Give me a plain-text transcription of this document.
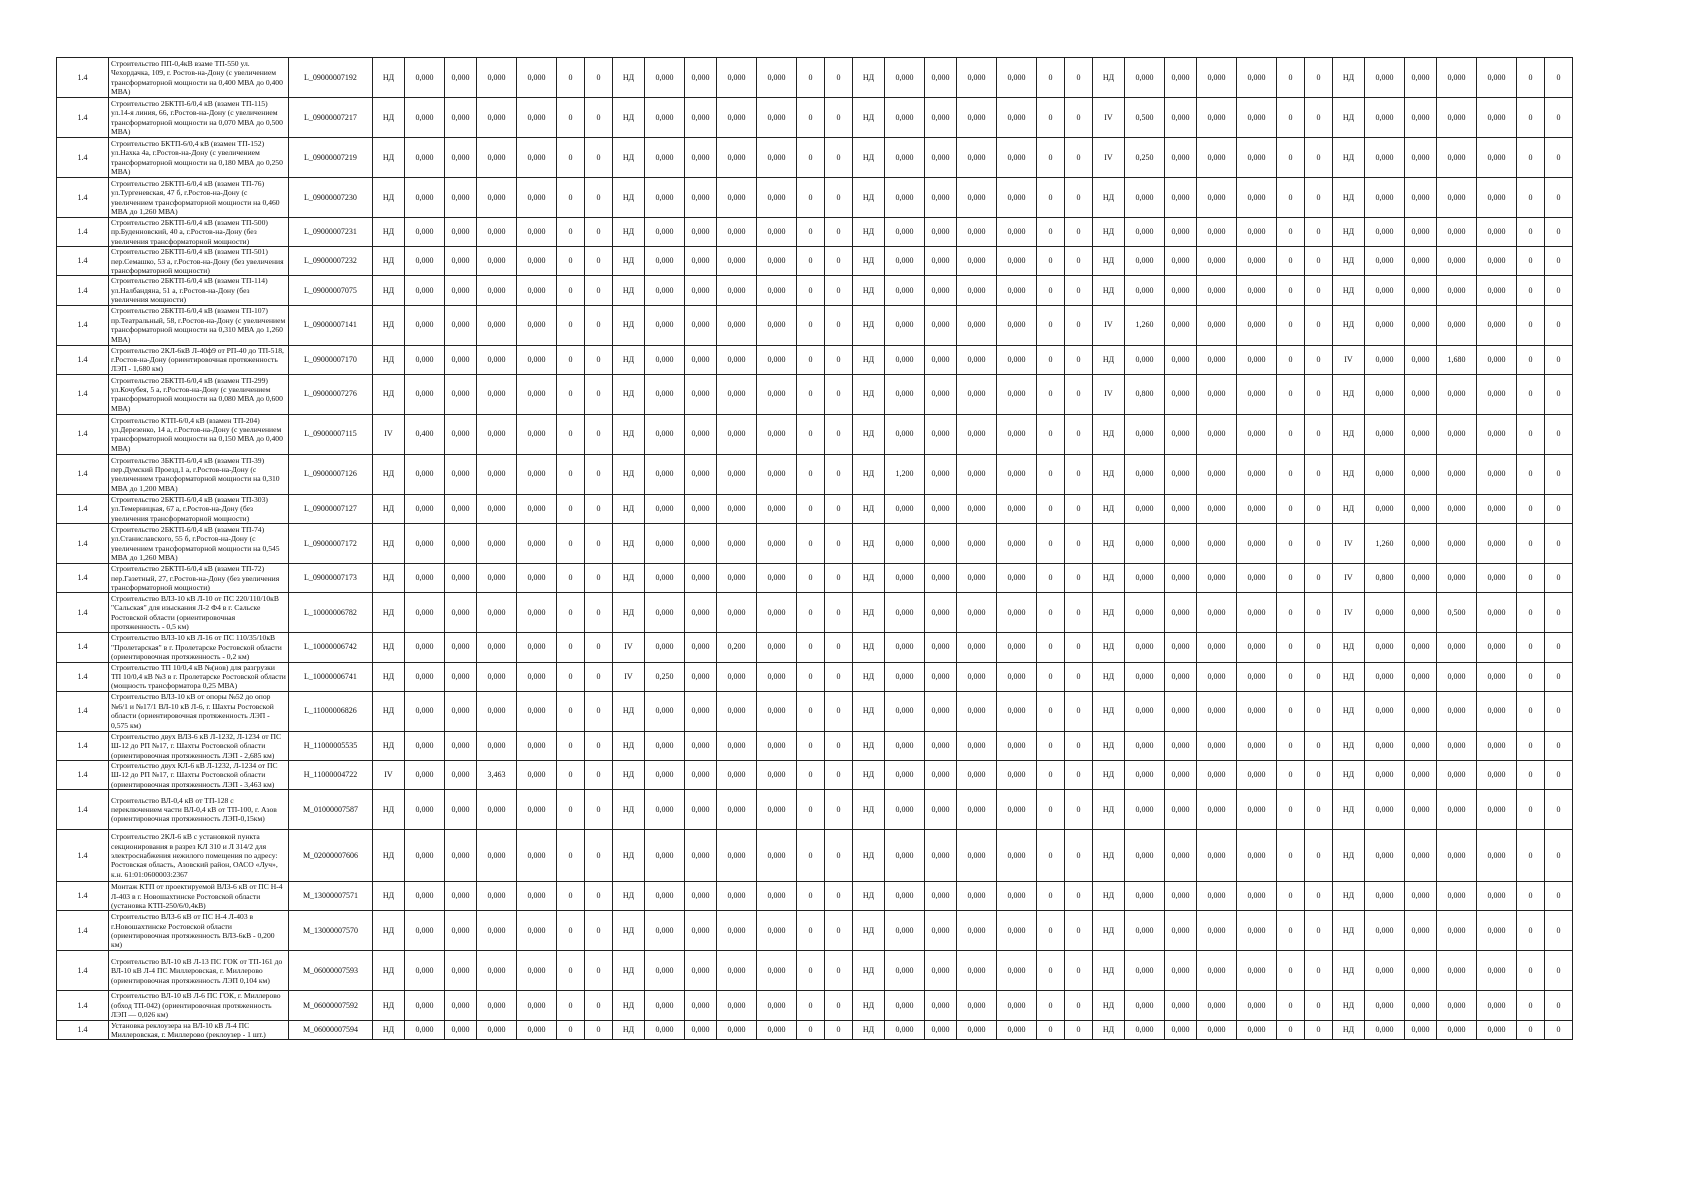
1.4	Строительство ПП-0,4кВ взаме ТП-550 ул. Чехордачка, 109, г. Ростов-на-Дону (с увеличением трансформаторной мощности на 0,400 МВА до 0,400 МВА)	L_09000007192	НД	0,000	0,000	0,000	0,000	0	0	НД	0,000	0,000	0,000	0,000	0	0	НД	0,000	0,000	0,000	0,000	0	0	НД	0,000	0,000	0,000	0,000	0	0	НД	0,000	0,000	0,000	0,000	0	0
1.4	Строительство 2БКТП-6/0,4 кВ (взамен ТП-115) ул.14-я линия, 66, г.Ростов-на-Дону (с увеличением трансформаторной мощности на 0,070 МВА до 0,500 МВА)	L_09000007217	НД	0,000	0,000	0,000	0,000	0	0	НД	0,000	0,000	0,000	0,000	0	0	НД	0,000	0,000	0,000	0,000	0	0	IV	0,500	0,000	0,000	0,000	0	0	НД	0,000	0,000	0,000	0,000	0	0
1.4	Строительство БКТП-6/0,4 кВ (взамен ТП-152) ул.Нахка 4а, г.Ростов-на-Дону (с увеличением трансформаторной мощности на 0,180 МВА до 0,250 МВА)	L_09000007219	НД	0,000	0,000	0,000	0,000	0	0	НД	0,000	0,000	0,000	0,000	0	0	НД	0,000	0,000	0,000	0,000	0	0	IV	0,250	0,000	0,000	0,000	0	0	НД	0,000	0,000	0,000	0,000	0	0
1.4	Строительство 2БКТП-6/0,4 кВ (взамен ТП-76) ул.Тургеневская, 47 б, г.Ростов-на-Дону (с увеличением трансформаторной мощности на 0,460 МВА до 1,260 МВА)	L_09000007230	НД	0,000	0,000	0,000	0,000	0	0	НД	0,000	0,000	0,000	0,000	0	0	НД	0,000	0,000	0,000	0,000	0	0	НД	0,000	0,000	0,000	0,000	0	0	НД	0,000	0,000	0,000	0,000	0	0
1.4	Строительство 2БКТП-6/0,4 кВ (взамен ТП-500) пр.Буденновский, 40 а, г.Ростов-на-Дону (без увеличения трансформаторной мощности)	L_09000007231	НД	0,000	0,000	0,000	0,000	0	0	НД	0,000	0,000	0,000	0,000	0	0	НД	0,000	0,000	0,000	0,000	0	0	НД	0,000	0,000	0,000	0,000	0	0	НД	0,000	0,000	0,000	0,000	0	0
1.4	Строительство 2БКТП-6/0,4 кВ (взамен ТП-501) пер.Семашко, 53 а, г.Ростов-на-Дону (без увеличения трансформаторной мощности)	L_09000007232	НД	0,000	0,000	0,000	0,000	0	0	НД	0,000	0,000	0,000	0,000	0	0	НД	0,000	0,000	0,000	0,000	0	0	НД	0,000	0,000	0,000	0,000	0	0	НД	0,000	0,000	0,000	0,000	0	0
1.4	Строительство 2БКТП-6/0,4 кВ (взамен ТП-114) ул.Налбандяна, 51 а, г.Ростов-на-Дону (без увеличения мощности)	L_09000007075	НД	0,000	0,000	0,000	0,000	0	0	НД	0,000	0,000	0,000	0,000	0	0	НД	0,000	0,000	0,000	0,000	0	0	НД	0,000	0,000	0,000	0,000	0	0	НД	0,000	0,000	0,000	0,000	0	0
1.4	Строительство 2БКТП-6/0,4 кВ (взамен ТП-107) пр.Театральный, 58, г.Ростов-на-Дону (с увеличением трансформаторной мощности на 0,310 МВА до 1,260 МВА)	L_09000007141	НД	0,000	0,000	0,000	0,000	0	0	НД	0,000	0,000	0,000	0,000	0	0	НД	0,000	0,000	0,000	0,000	0	0	IV	1,260	0,000	0,000	0,000	0	0	НД	0,000	0,000	0,000	0,000	0	0
1.4	Строительство 2КЛ-6кВ Л-40ф9 от РП-40 до ТП-518, г.Ростов-на-Дону (ориентировочная протяженность ЛЭП - 1,680 км)	L_09000007170	НД	0,000	0,000	0,000	0,000	0	0	НД	0,000	0,000	0,000	0,000	0	0	НД	0,000	0,000	0,000	0,000	0	0	НД	0,000	0,000	0,000	0,000	0	0	IV	0,000	0,000	1,680	0,000	0	0
1.4	Строительство 2БКТП-6/0,4 кВ (взамен ТП-299) ул.Кочубея, 5 а, г.Ростов-на-Дону (с увеличением трансформаторной мощности на 0,080 МВА до 0,600 МВА)	L_09000007276	НД	0,000	0,000	0,000	0,000	0	0	НД	0,000	0,000	0,000	0,000	0	0	НД	0,000	0,000	0,000	0,000	0	0	IV	0,800	0,000	0,000	0,000	0	0	НД	0,000	0,000	0,000	0,000	0	0
1.4	Строительство КТП-6/0,4 кВ (взамен ТП-204) ул.Дерезенко, 14 а, г.Ростов-на-Дону (с увеличением трансформаторной мощности на 0,150 МВА до 0,400 МВА)	L_09000007115	IV	0,400	0,000	0,000	0,000	0	0	НД	0,000	0,000	0,000	0,000	0	0	НД	0,000	0,000	0,000	0,000	0	0	НД	0,000	0,000	0,000	0,000	0	0	НД	0,000	0,000	0,000	0,000	0	0
1.4	Строительство 3БКТП-6/0,4 кВ (взамен ТП-39) пер.Думский Проезд,1 а, г.Ростов-на-Дону (с увеличением трансформаторной мощности на 0,310 МВА до 1,200 МВА)	L_09000007126	НД	0,000	0,000	0,000	0,000	0	0	НД	0,000	0,000	0,000	0,000	0	0	НД	1,200	0,000	0,000	0,000	0	0	НД	0,000	0,000	0,000	0,000	0	0	НД	0,000	0,000	0,000	0,000	0	0
1.4	Строительство 2БКТП-6/0,4 кВ (взамен ТП-303) ул.Темерницкая, 67 а, г.Ростов-на-Дону (без увеличения трансформаторной мощности)	L_09000007127	НД	0,000	0,000	0,000	0,000	0	0	НД	0,000	0,000	0,000	0,000	0	0	НД	0,000	0,000	0,000	0,000	0	0	НД	0,000	0,000	0,000	0,000	0	0	НД	0,000	0,000	0,000	0,000	0	0
1.4	Строительство 2БКТП-6/0,4 кВ (взамен ТП-74) ул.Станиславского, 55 б, г.Ростов-на-Дону (с увеличением трансформаторной мощности на 0,545 МВА до 1,260 МВА)	L_09000007172	НД	0,000	0,000	0,000	0,000	0	0	НД	0,000	0,000	0,000	0,000	0	0	НД	0,000	0,000	0,000	0,000	0	0	НД	0,000	0,000	0,000	0,000	0	0	IV	1,260	0,000	0,000	0,000	0	0
1.4	Строительство 2БКТП-6/0,4 кВ (взамен ТП-72) пер.Газетный, 27, г.Ростов-на-Дону (без увеличения трансформаторной мощности)	L_09000007173	НД	0,000	0,000	0,000	0,000	0	0	НД	0,000	0,000	0,000	0,000	0	0	НД	0,000	0,000	0,000	0,000	0	0	НД	0,000	0,000	0,000	0,000	0	0	IV	0,800	0,000	0,000	0,000	0	0
1.4	Строительство ВЛЗ-10 кВ Л-10 от ПС 220/110/10кВ "Сальская" для изыскания Л-2 Ф4 в г. Сальске Ростовской области (ориентировочная протяженность - 0,5 км)	L_10000006782	НД	0,000	0,000	0,000	0,000	0	0	НД	0,000	0,000	0,000	0,000	0	0	НД	0,000	0,000	0,000	0,000	0	0	НД	0,000	0,000	0,000	0,000	0	0	IV	0,000	0,000	0,500	0,000	0	0
1.4	Строительство ВЛЗ-10 кВ Л-16 от ПС 110/35/10кВ "Пролетарская" в г. Пролетарске Ростовской области (ориентировочная протяженность - 0,2 км)	L_10000006742	НД	0,000	0,000	0,000	0,000	0	0	IV	0,000	0,000	0,200	0,000	0	0	НД	0,000	0,000	0,000	0,000	0	0	НД	0,000	0,000	0,000	0,000	0	0	НД	0,000	0,000	0,000	0,000	0	0
1.4	Строительство ТП 10/0,4 кВ №(нов) для разгрузки ТП 10/0,4 кВ №3 в г. Пролетарске Ростовской области (мощность трансформатора 0,25 МВА)	L_10000006741	НД	0,000	0,000	0,000	0,000	0	0	IV	0,250	0,000	0,000	0,000	0	0	НД	0,000	0,000	0,000	0,000	0	0	НД	0,000	0,000	0,000	0,000	0	0	НД	0,000	0,000	0,000	0,000	0	0
1.4	Строительство ВЛЗ-10 кВ от опоры №52 до опор №6/1 и №17/1 ВЛ-10 кВ Л-6, г. Шахты Ростовской области (ориентировочная протяженность ЛЭП - 0,575 км)	L_11000006826	НД	0,000	0,000	0,000	0,000	0	0	НД	0,000	0,000	0,000	0,000	0	0	НД	0,000	0,000	0,000	0,000	0	0	НД	0,000	0,000	0,000	0,000	0	0	НД	0,000	0,000	0,000	0,000	0	0
1.4	Строительство двух ВЛЗ-6 кВ Л-1232, Л-1234 от ПС Ш-12 до РП №17, г. Шахты Ростовской области (ориентировочная протяженность ЛЭП - 2,685 км)	H_11000005535	НД	0,000	0,000	0,000	0,000	0	0	НД	0,000	0,000	0,000	0,000	0	0	НД	0,000	0,000	0,000	0,000	0	0	НД	0,000	0,000	0,000	0,000	0	0	НД	0,000	0,000	0,000	0,000	0	0
1.4	Строительство двух КЛ-6 кВ Л-1232, Л-1234 от ПС Ш-12 до РП №17, г. Шахты Ростовской области (ориентировочная протяженность ЛЭП - 3,463 км)	H_11000004722	IV	0,000	0,000	3,463	0,000	0	0	НД	0,000	0,000	0,000	0,000	0	0	НД	0,000	0,000	0,000	0,000	0	0	НД	0,000	0,000	0,000	0,000	0	0	НД	0,000	0,000	0,000	0,000	0	0
1.4	Строительство ВЛ-0,4 кВ от ТП-128 с переключением части ВЛ-0,4 кВ от ТП-100, г. Азов (ориентировочная протяженность ЛЭП-0,15км)	M_01000007587	НД	0,000	0,000	0,000	0,000	0	0	НД	0,000	0,000	0,000	0,000	0	0	НД	0,000	0,000	0,000	0,000	0	0	НД	0,000	0,000	0,000	0,000	0	0	НД	0,000	0,000	0,000	0,000	0	0
1.4	Строительство 2КЛ-6 кВ с установкой пункта секционирования в разрез КЛ 310 и Л 314/2 для электроснабжения нежилого помещения по адресу: Ростовская область, Азовский район, ОАСО «Луч», к.н. 61:01:0600003:2367	M_02000007606	НД	0,000	0,000	0,000	0,000	0	0	НД	0,000	0,000	0,000	0,000	0	0	НД	0,000	0,000	0,000	0,000	0	0	НД	0,000	0,000	0,000	0,000	0	0	НД	0,000	0,000	0,000	0,000	0	0
1.4	Монтаж КТП от проектируемой ВЛЗ-6 кВ от ПС Н-4 Л-403 в г. Новошахтинске Ростовской области (установка КТП-250/6/0,4кВ)	M_13000007571	НД	0,000	0,000	0,000	0,000	0	0	НД	0,000	0,000	0,000	0,000	0	0	НД	0,000	0,000	0,000	0,000	0	0	НД	0,000	0,000	0,000	0,000	0	0	НД	0,000	0,000	0,000	0,000	0	0
1.4	Строительство ВЛЗ-6 кВ от ПС Н-4 Л-403 в г.Новошахтинске Ростовской области (ориентировочная протяженность ВЛЗ-6кВ - 0,200 км)	M_13000007570	НД	0,000	0,000	0,000	0,000	0	0	НД	0,000	0,000	0,000	0,000	0	0	НД	0,000	0,000	0,000	0,000	0	0	НД	0,000	0,000	0,000	0,000	0	0	НД	0,000	0,000	0,000	0,000	0	0
1.4	Строительство ВЛ-10 кВ Л-13 ПС ГОК от ТП-161 до ВЛ-10 кВ Л-4 ПС Миллеровская, г. Миллерово (ориентировочная протяженность ЛЭП 0,104 км)	M_06000007593	НД	0,000	0,000	0,000	0,000	0	0	НД	0,000	0,000	0,000	0,000	0	0	НД	0,000	0,000	0,000	0,000	0	0	НД	0,000	0,000	0,000	0,000	0	0	НД	0,000	0,000	0,000	0,000	0	0
1.4	Строительство ВЛ-10 кВ Л-6 ПС ГОК, г. Миллерово (обход ТП-042) (ориентировочная протяженность ЛЭП — 0,026 км)	M_06000007592	НД	0,000	0,000	0,000	0,000	0	0	НД	0,000	0,000	0,000	0,000	0	0	НД	0,000	0,000	0,000	0,000	0	0	НД	0,000	0,000	0,000	0,000	0	0	НД	0,000	0,000	0,000	0,000	0	0
1.4	Установка реклоузера на ВЛ-10 кВ Л-4 ПС Миллеровская, г. Миллерово (реклоузер - 1 шт.)	M_06000007594	НД	0,000	0,000	0,000	0,000	0	0	НД	0,000	0,000	0,000	0,000	0	0	НД	0,000	0,000	0,000	0,000	0	0	НД	0,000	0,000	0,000	0,000	0	0	НД	0,000	0,000	0,000	0,000	0	0
